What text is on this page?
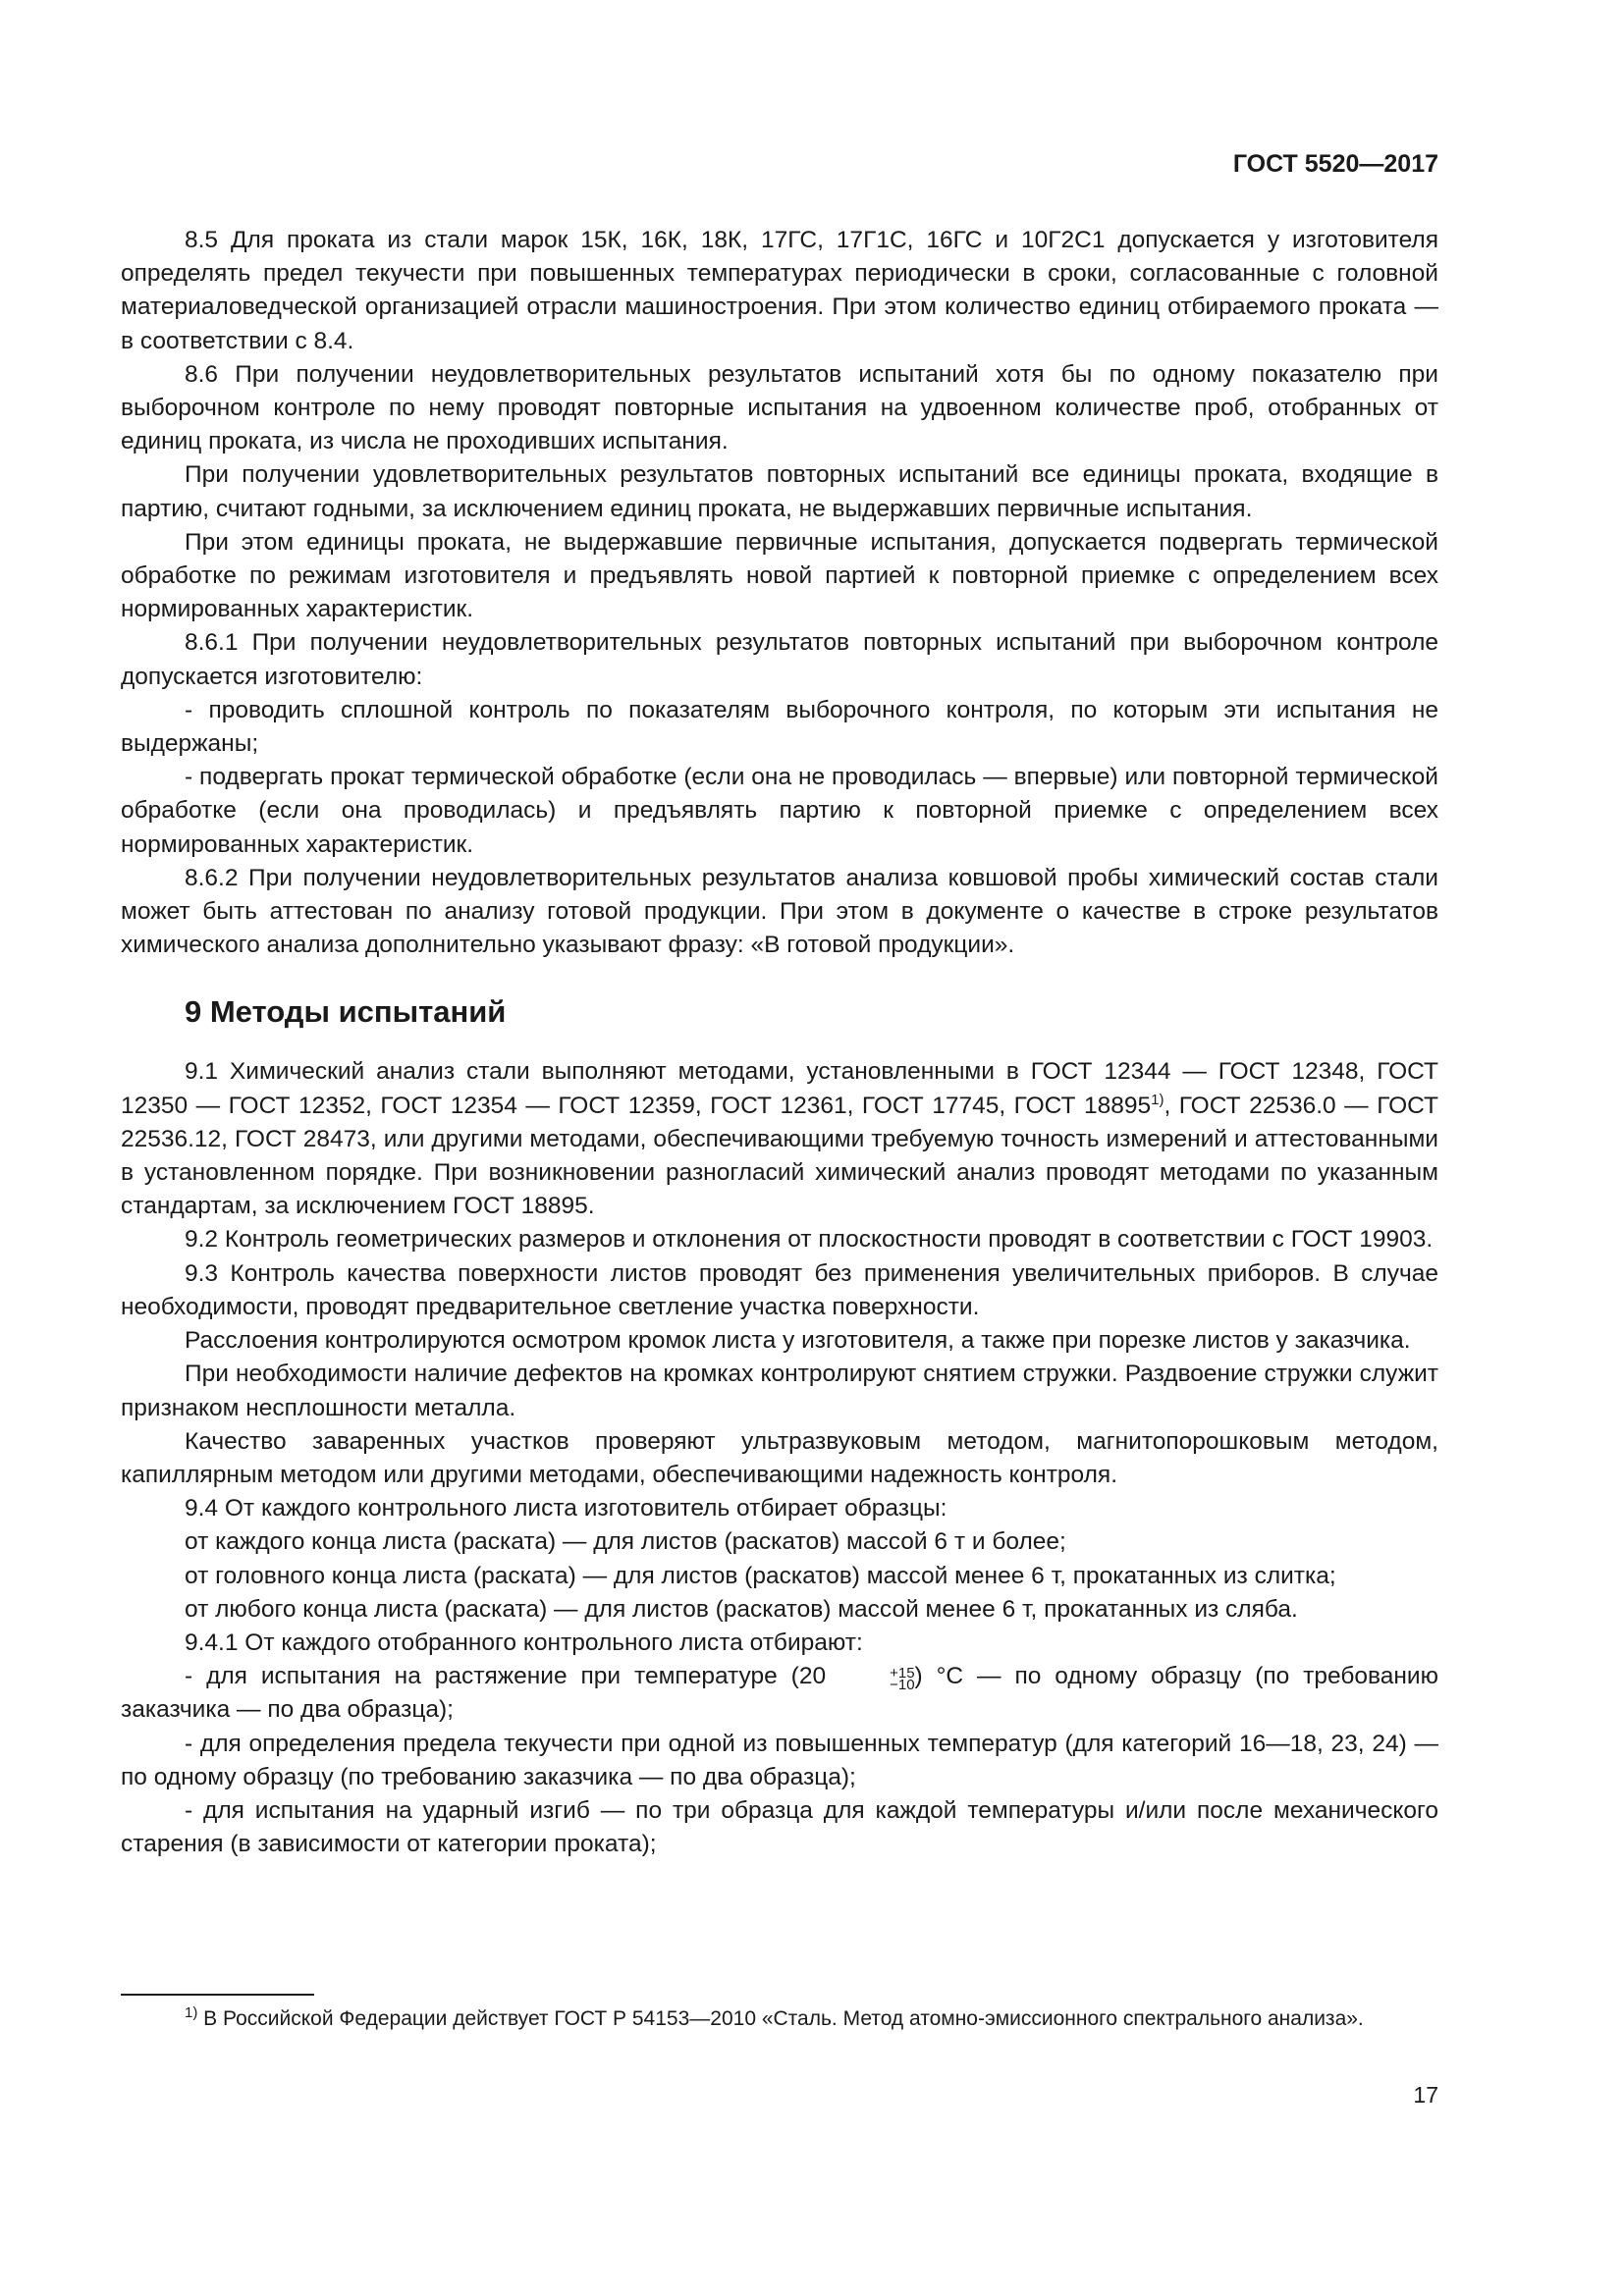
ГОСТ 5520—2017

8.5 Для проката из стали марок 15К, 16К, 18К, 17ГС, 17Г1С, 16ГС и 10Г2С1 допускается у изготовителя определять предел текучести при повышенных температурах периодически в сроки, согласованные с головной материаловедческой организацией отрасли машиностроения. При этом количество единиц отбираемого проката — в соответствии с 8.4.

8.6 При получении неудовлетворительных результатов испытаний хотя бы по одному показателю при выборочном контроле по нему проводят повторные испытания на удвоенном количестве проб, отобранных от единиц проката, из числа не проходивших испытания.

При получении удовлетворительных результатов повторных испытаний все единицы проката, входящие в партию, считают годными, за исключением единиц проката, не выдержавших первичные испытания.

При этом единицы проката, не выдержавшие первичные испытания, допускается подвергать термической обработке по режимам изготовителя и предъявлять новой партией к повторной приемке с определением всех нормированных характеристик.

8.6.1 При получении неудовлетворительных результатов повторных испытаний при выборочном контроле допускается изготовителю:

- проводить сплошной контроль по показателям выборочного контроля, по которым эти испытания не выдержаны;

- подвергать прокат термической обработке (если она не проводилась — впервые) или повторной термической обработке (если она проводилась) и предъявлять партию к повторной приемке с определением всех нормированных характеристик.

8.6.2 При получении неудовлетворительных результатов анализа ковшовой пробы химический состав стали может быть аттестован по анализу готовой продукции. При этом в документе о качестве в строке результатов химического анализа дополнительно указывают фразу: «В готовой продукции».

9 Методы испытаний

9.1 Химический анализ стали выполняют методами, установленными в ГОСТ 12344 — ГОСТ 12348, ГОСТ 12350 — ГОСТ 12352, ГОСТ 12354 — ГОСТ 12359, ГОСТ 12361, ГОСТ 17745, ГОСТ 18895$^{1)}$, ГОСТ 22536.0 — ГОСТ 22536.12, ГОСТ 28473, или другими методами, обеспечивающими требуемую точность измерений и аттестованными в установленном порядке. При возникновении разногласий химический анализ проводят методами по указанным стандартам, за исключением ГОСТ 18895.

9.2 Контроль геометрических размеров и отклонения от плоскостности проводят в соответствии с ГОСТ 19903.

9.3 Контроль качества поверхности листов проводят без применения увеличительных приборов. В случае необходимости, проводят предварительное светление участка поверхности.

Расслоения контролируются осмотром кромок листа у изготовителя, а также при порезке листов у заказчика.

При необходимости наличие дефектов на кромках контролируют снятием стружки. Раздвоение стружки служит признаком несплошности металла.

Качество заваренных участков проверяют ультразвуковым методом, магнитопорошковым методом, капиллярным методом или другими методами, обеспечивающими надежность контроля.

9.4 От каждого контрольного листа изготовитель отбирает образцы:

от каждого конца листа (раската) — для листов (раскатов) массой 6 т и более;

от головного конца листа (раската) — для листов (раскатов) массой менее 6 т, прокатанных из слитка;

от любого конца листа (раската) — для листов (раскатов) массой менее 6 т, прокатанных из сляба.

9.4.1 От каждого отобранного контрольного листа отбирают:

- для испытания на растяжение при температуре (20	+15
−10 ) °С — по одному образцу (по требованию заказчика — по два образца);

- для определения предела текучести при одной из повышенных температур (для категорий 16—18, 23, 24) — по одному образцу (по требованию заказчика — по два образца);

- для испытания на ударный изгиб — по три образца для каждой температуры и/или после механического старения (в зависимости от категории проката);

$^{1)}$ В Российской Федерации действует ГОСТ Р 54153—2010 «Сталь. Метод атомно-эмиссионного спектрального анализа».

17
